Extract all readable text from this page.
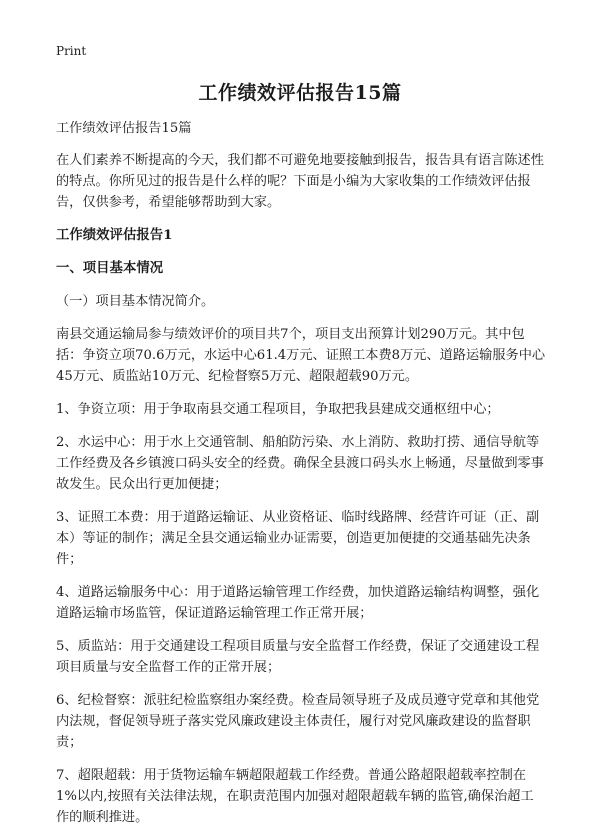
Print
工作绩效评估报告15篇

工作绩效评估报告15篇

在人们素养不断提高的今天，我们都不可避免地要接触到报告，报告具有语言陈述性的特点。你所见过的报告是什么样的呢？下面是小编为大家收集的工作绩效评估报告，仅供参考，希望能够帮助到大家。

工作绩效评估报告1

一、项目基本情况

（一）项目基本情况简介。

南县交通运输局参与绩效评价的项目共7个，项目支出预算计划290万元。其中包括：争资立项70.6万元，水运中心61.4万元、证照工本费8万元、道路运输服务中心45万元、质监站10万元、纪检督察5万元、超限超载90万元。

1、争资立项：用于争取南县交通工程项目，争取把我县建成交通枢纽中心；

2、水运中心：用于水上交通管制、船舶防污染、水上消防、救助打捞、通信导航等工作经费及各乡镇渡口码头安全的经费。确保全县渡口码头水上畅通，尽量做到零事故发生。民众出行更加便捷；

3、证照工本费：用于道路运输证、从业资格证、临时线路牌、经营许可证（正、副本）等证的制作；满足全县交通运输业办证需要，创造更加便捷的交通基础先决条件；

4、道路运输服务中心：用于道路运输管理工作经费，加快道路运输结构调整，强化道路运输市场监管，保证道路运输管理工作正常开展；

5、质监站：用于交通建设工程项目质量与安全监督工作经费，保证了交通建设工程项目质量与安全监督工作的正常开展；

6、纪检督察：派驻纪检监察组办案经费。检查局领导班子及成员遵守党章和其他党内法规，督促领导班子落实党风廉政建设主体责任，履行对党风廉政建设的监督职责；

7、超限超载：用于货物运输车辆超限超载工作经费。普通公路超限超载率控制在1%以内,按照有关法律法规，在职责范围内加强对超限超载车辆的监管,确保治超工作的顺利推进。
